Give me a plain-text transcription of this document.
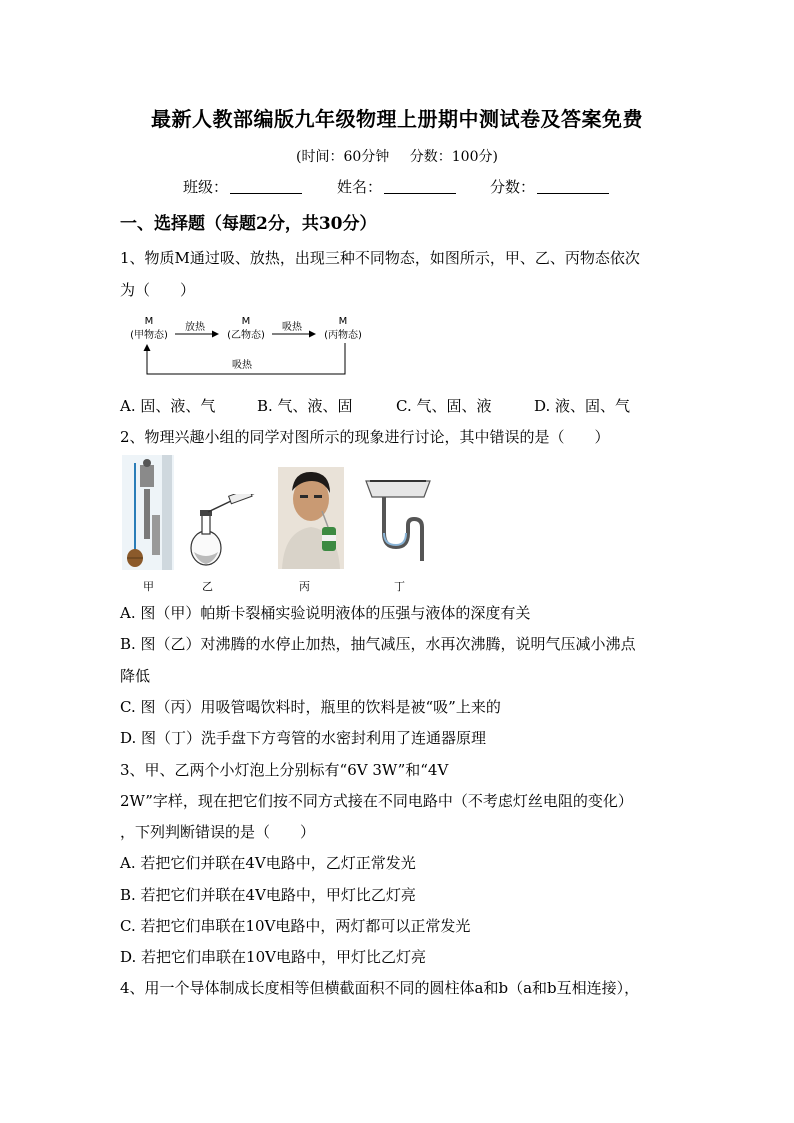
最新人教部编版九年级物理上册期中测试卷及答案免费
(时间：60分钟 分数：100分)
班级：	姓名：	分数：
一、选择题（每题2分，共30分）
1、物质M通过吸、放热，出现三种不同物态，如图所示，甲、乙、丙物态依次
为（　　）
M
(甲物态)
M
(乙物态)
M
(丙物态)
放热	吸热
吸热
A. 固、液、气	B. 气、液、固	C. 气、固、液	D. 液、固、气
2、物理兴趣小组的同学对图所示的现象进行讨论，其中错误的是（　　）
甲	乙	丙	丁
A. 图（甲）帕斯卡裂桶实验说明液体的压强与液体的深度有关
B. 图（乙）对沸腾的水停止加热，抽气减压，水再次沸腾，说明气压减小沸点
降低
C. 图（丙）用吸管喝饮料时，瓶里的饮料是被“吸”上来的
D. 图（丁）洗手盘下方弯管的水密封利用了连通器原理
3、甲、乙两个小灯泡上分别标有“6V 3W”和“4V
2W”字样，现在把它们按不同方式接在不同电路中（不考虑灯丝电阻的变化）
，下列判断错误的是（　　）
A. 若把它们并联在4V电路中，乙灯正常发光
B. 若把它们并联在4V电路中，甲灯比乙灯亮
C. 若把它们串联在10V电路中，两灯都可以正常发光
D. 若把它们串联在10V电路中，甲灯比乙灯亮
4、用一个导体制成长度相等但横截面积不同的圆柱体a和b（a和b互相连接），
